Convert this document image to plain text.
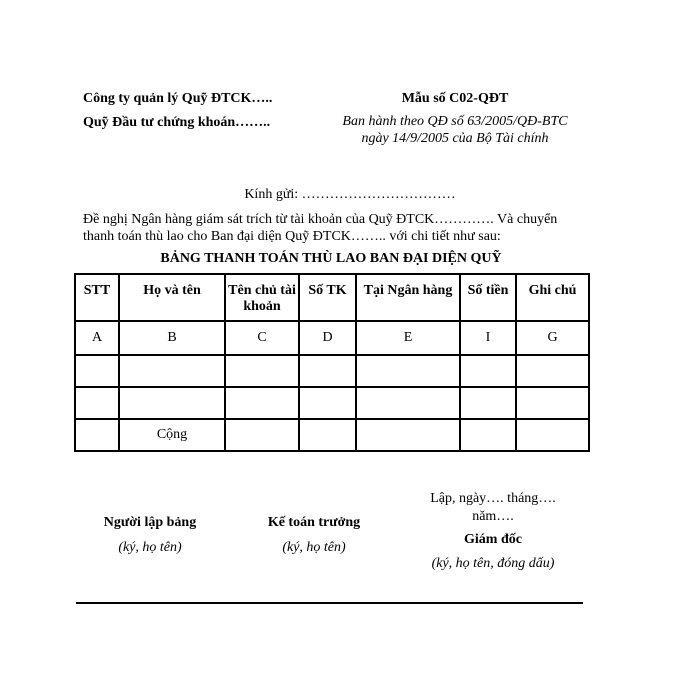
Công ty quản lý Quỹ ĐTCK…..
Quỹ Đầu tư chứng khoán……..
Mẫu số C02-QĐT
Ban hành theo QĐ số 63/2005/QĐ-BTC
ngày 14/9/2005 của Bộ Tài chính
Kính gửi: ……………………………
Đề nghị Ngân hàng giám sát trích từ tài khoản của Quỹ ĐTCK…………. Và chuyển
thanh toán thù lao cho Ban đại diện Quỹ ĐTCK…….. với chi tiết như sau:
BẢNG THANH TOÁN THÙ LAO BAN ĐẠI DIỆN QUỸ
STT	Họ và tên	Tên chủ tài khoản	Số TK	Tại Ngân hàng	Số tiền	Ghi chú
A	B	C	D	E	I	G

	Cộng					
Người lập bảng
(ký, họ tên)
Kế toán trưởng
(ký, họ tên)
Lập, ngày…. tháng….
năm….
Giám đốc
(ký, họ tên, đóng dấu)
